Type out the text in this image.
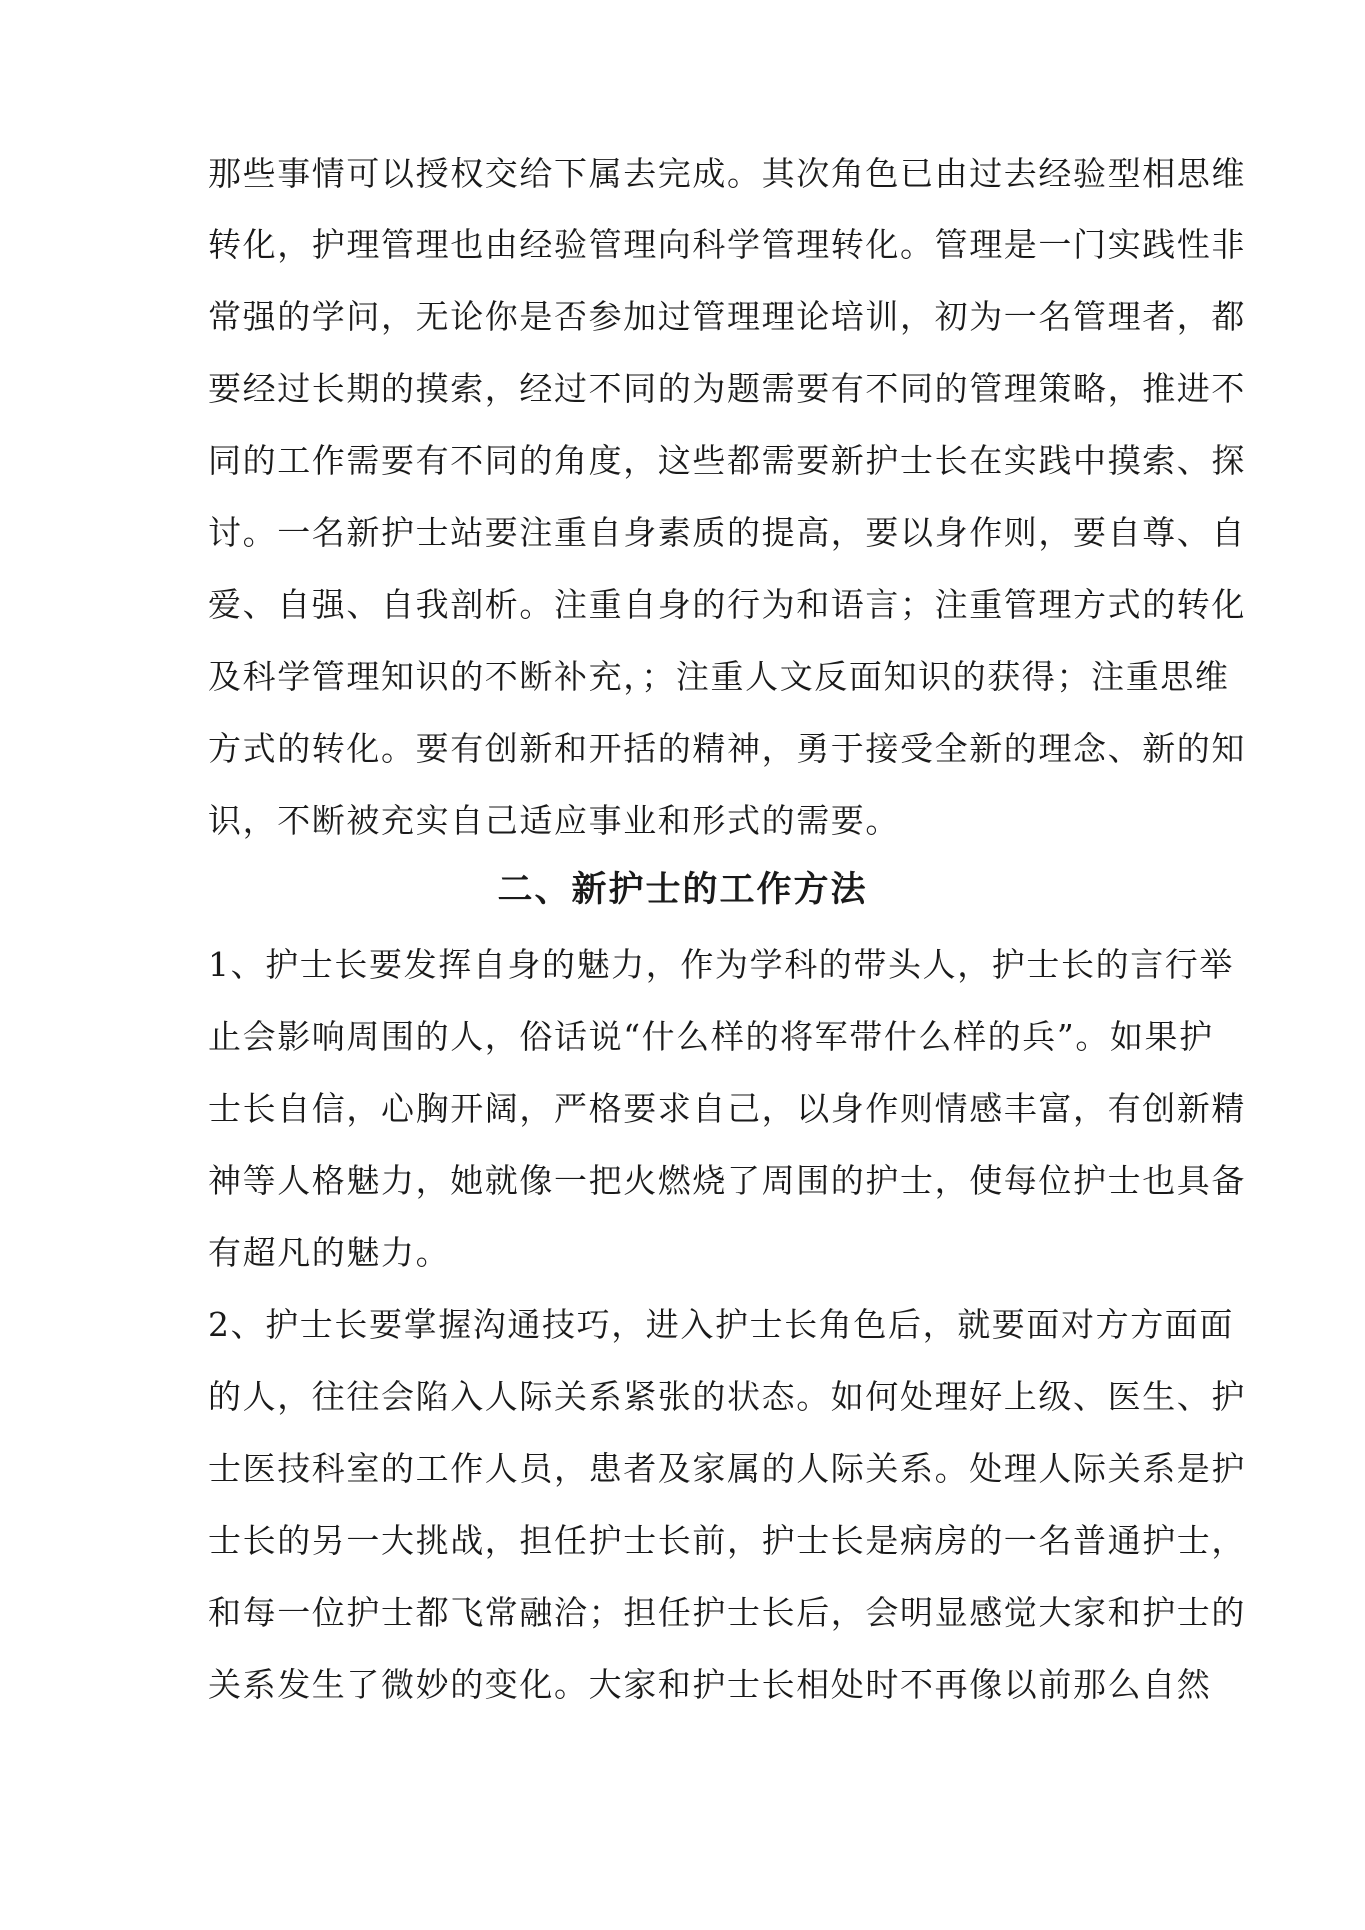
那些事情可以授权交给下属去完成。其次角色已由过去经验型相思维
转化，护理管理也由经验管理向科学管理转化。管理是一门实践性非
常强的学问，无论你是否参加过管理理论培训，初为一名管理者，都
要经过长期的摸索，经过不同的为题需要有不同的管理策略，推进不
同的工作需要有不同的角度，这些都需要新护士长在实践中摸索、探
讨。一名新护士站要注重自身素质的提高，要以身作则，要自尊、自
爱、自强、自我剖析。注重自身的行为和语言；注重管理方式的转化
及科学管理知识的不断补充，；注重人文反面知识的获得；注重思维
方式的转化。要有创新和开括的精神，勇于接受全新的理念、新的知
识，不断被充实自己适应事业和形式的需要。
二、新护士的工作方法
1、护士长要发挥自身的魅力，作为学科的带头人，护士长的言行举
止会影响周围的人，俗话说“什么样的将军带什么样的兵”。如果护
士长自信，心胸开阔，严格要求自己，以身作则情感丰富，有创新精
神等人格魅力，她就像一把火燃烧了周围的护士，使每位护士也具备
有超凡的魅力。
2、护士长要掌握沟通技巧，进入护士长角色后，就要面对方方面面
的人，往往会陷入人际关系紧张的状态。如何处理好上级、医生、护
士医技科室的工作人员，患者及家属的人际关系。处理人际关系是护
士长的另一大挑战，担任护士长前，护士长是病房的一名普通护士，
和每一位护士都飞常融洽；担任护士长后，会明显感觉大家和护士的
关系发生了微妙的变化。大家和护士长相处时不再像以前那么自然
